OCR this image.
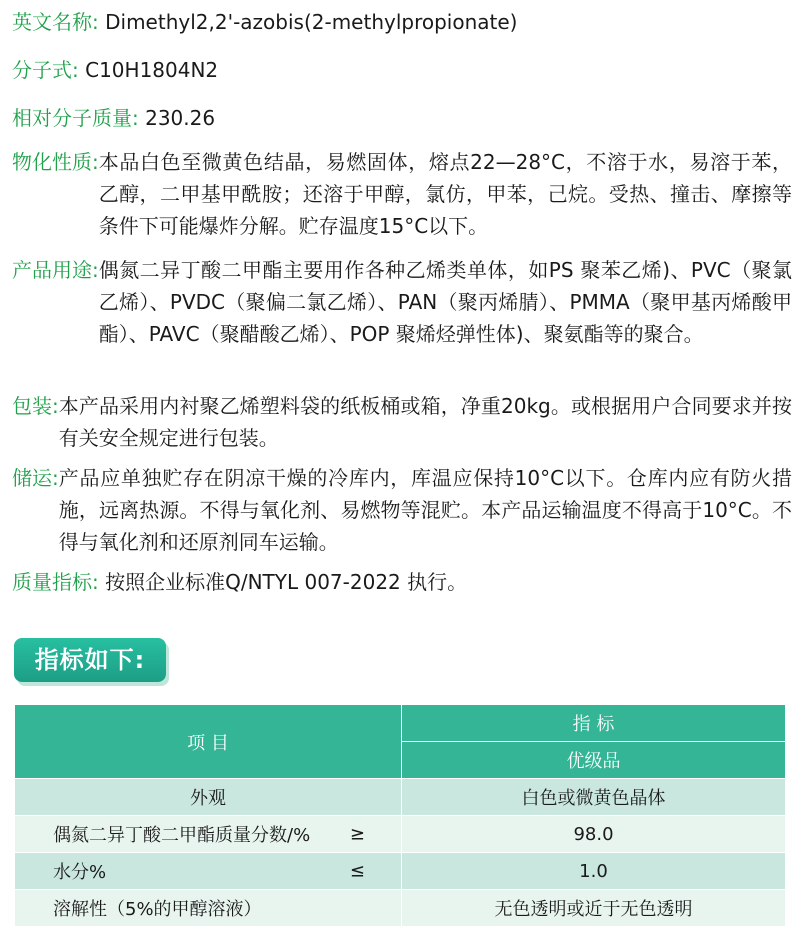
英文名称: Dimethyl2,2'-azobis(2-methylpropionate)
分子式: C10H1804N2
相对分子质量: 230.26
物化性质: 本品白色至微黄色结晶，易燃固体，熔点22—28°C，不溶于水，易溶于苯，乙醇，二甲基甲酰胺；还溶于甲醇，氯仿，甲苯，己烷。受热、撞击、摩擦等条件下可能爆炸分解。贮存温度15°C以下。
产品用途: 偶氮二异丁酸二甲酯主要用作各种乙烯类单体，如PS 聚苯乙烯)、PVC（聚氯乙烯）、PVDC（聚偏二氯乙烯）、PAN（聚丙烯腈）、PMMA（聚甲基丙烯酸甲酯）、PAVC（聚醋酸乙烯）、POP 聚烯烃弹性体)、聚氨酯等的聚合。
包装: 本产品采用内衬聚乙烯塑料袋的纸板桶或箱，净重20kg。或根据用户合同要求并按有关安全规定进行包装。
储运: 产品应单独贮存在阴凉干燥的冷库内，库温应保持10°C以下。仓库内应有防火措施，远离热源。不得与氧化剂、易燃物等混贮。本产品运输温度不得高于10°C。不得与氧化剂和还原剂同车运输。
质量指标: 按照企业标准Q/NTYL 007-2022 执行。
指标如下:
项 目	指 标
	优级品
外观	白色或微黄色晶体
偶氮二异丁酸二甲酯质量分数/% ≥	98.0
水分% ≤	1.0
溶解性（5%的甲醇溶液）	无色透明或近于无色透明
